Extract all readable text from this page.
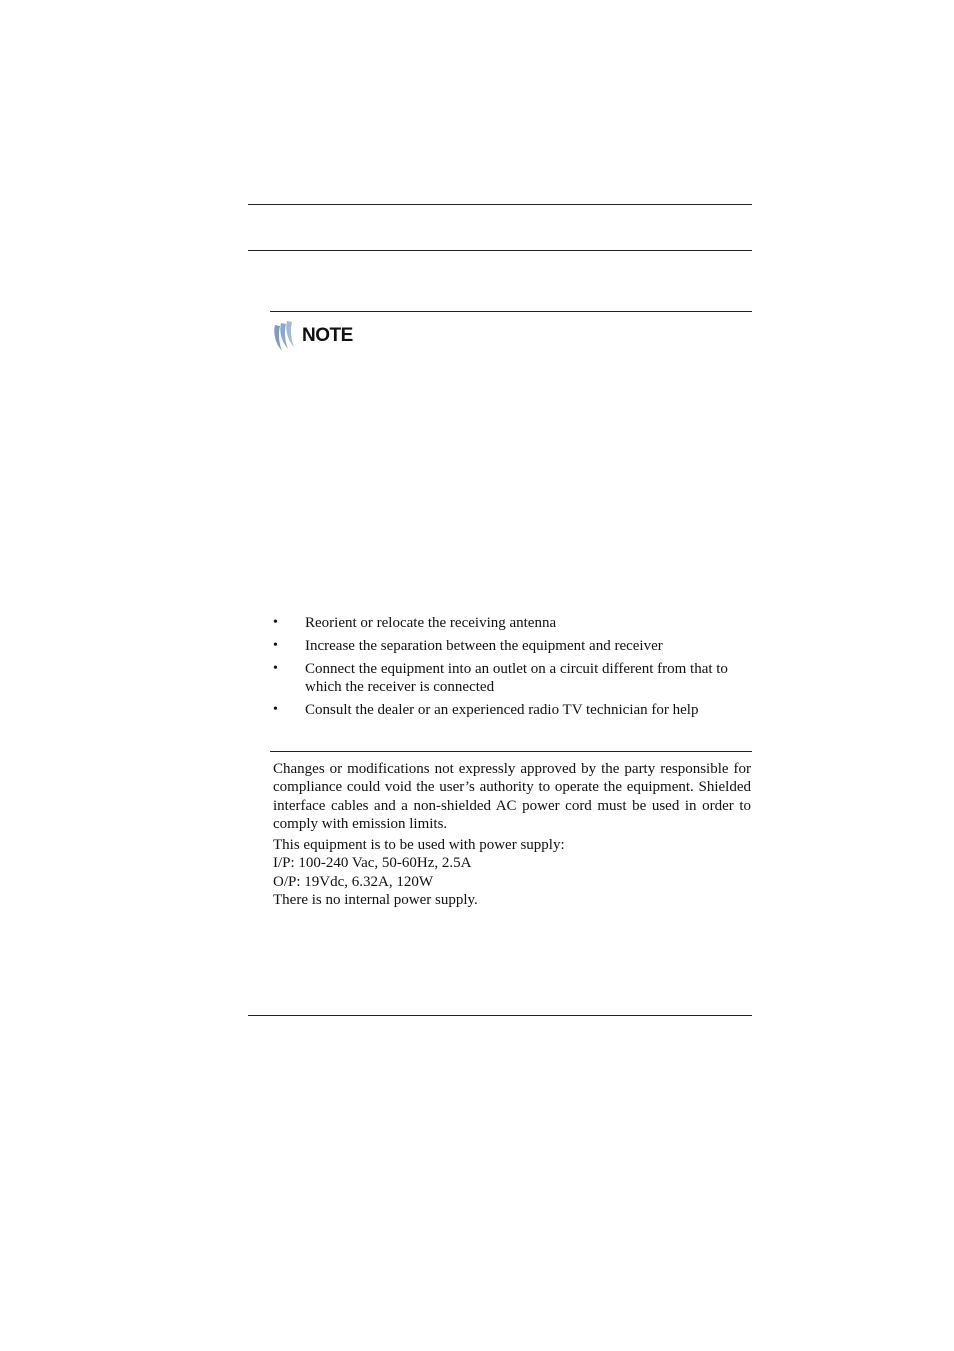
NOTE
• Reorient or relocate the receiving antenna
• Increase the separation between the equipment and receiver
• Connect the equipment into an outlet on a circuit different from that to which the receiver is connected
• Consult the dealer or an experienced radio TV technician for help

Changes or modifications not expressly approved by the party responsible for compliance could void the user’s authority to operate the equipment. Shielded interface cables and a non-shielded AC power cord must be used in order to comply with emission limits.

This equipment is to be used with power supply:
I/P: 100-240 Vac, 50-60Hz, 2.5A
O/P: 19Vdc, 6.32A, 120W
There is no internal power supply.
